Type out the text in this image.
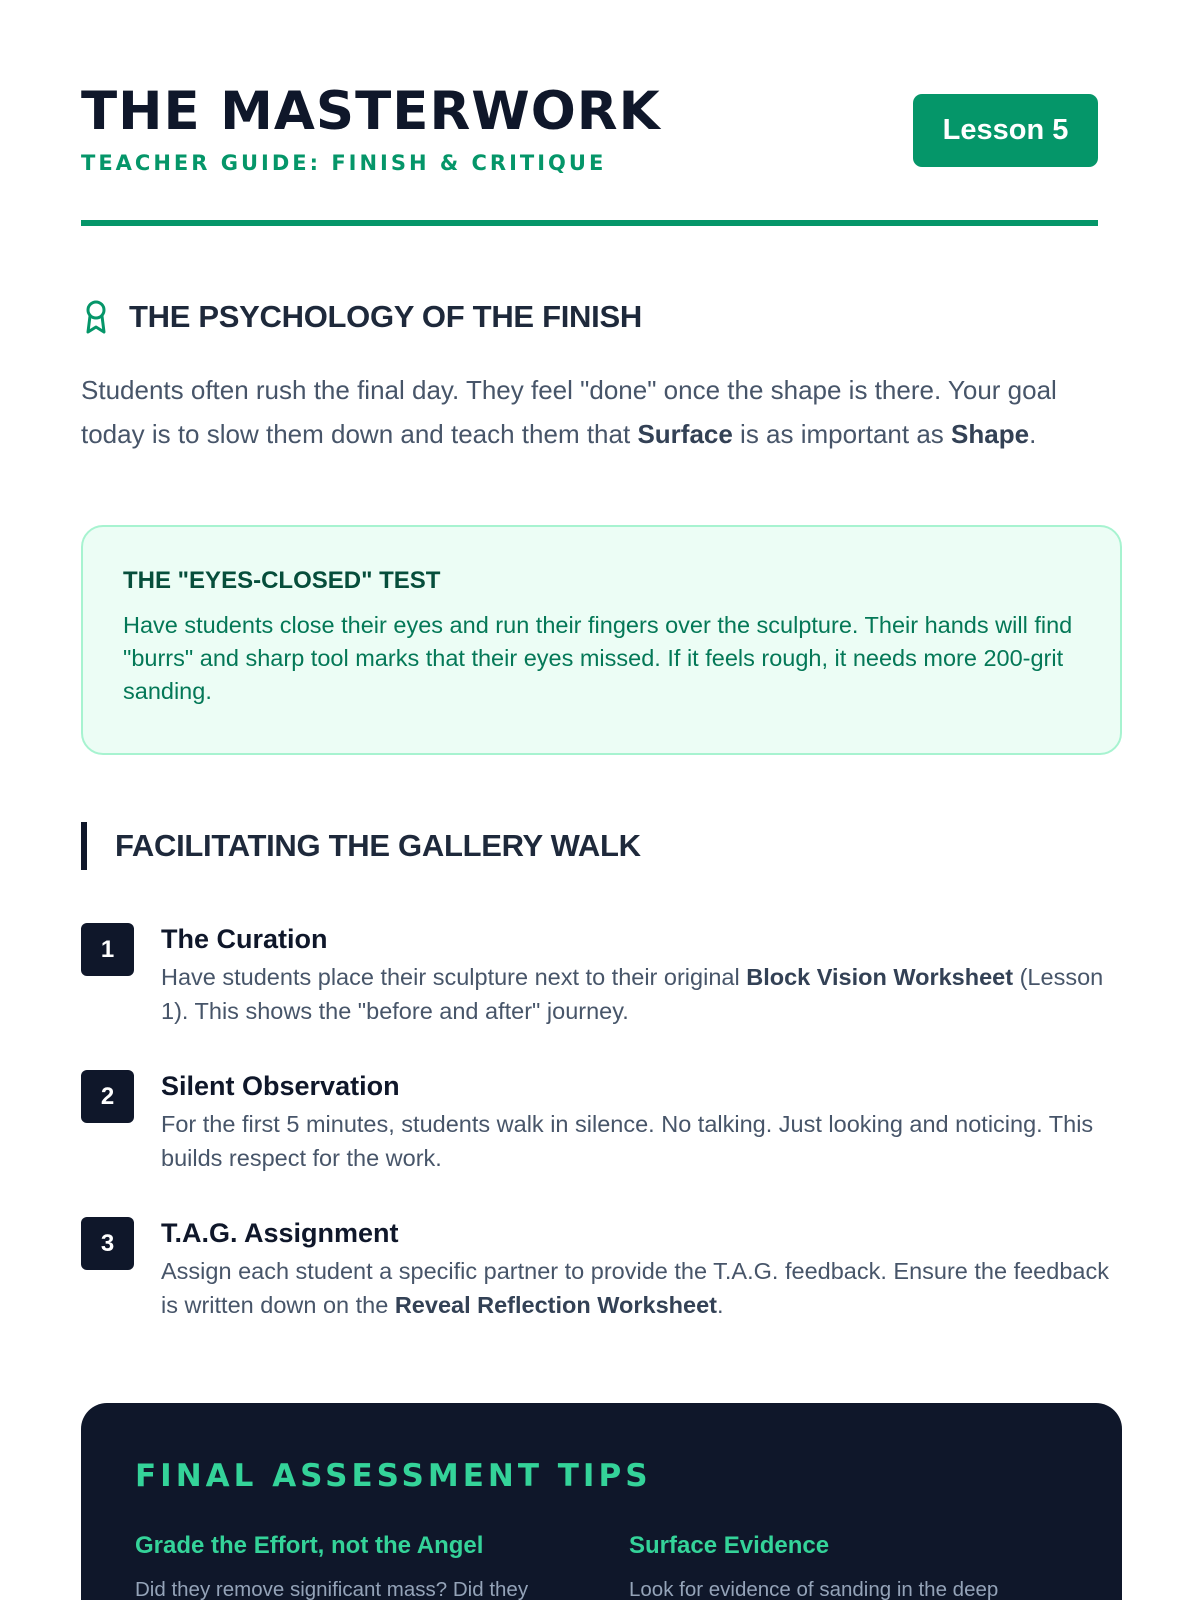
THE MASTERWORK
TEACHER GUIDE: FINISH & CRITIQUE
Lesson 5
THE PSYCHOLOGY OF THE FINISH

Students often rush the final day. They feel "done" once the shape is there. Your goal today is to slow them down and teach them that Surface is as important as Shape.

THE "EYES-CLOSED" TEST

Have students close their eyes and run their fingers over the sculpture. Their hands will find "burrs" and sharp tool marks that their eyes missed. If it feels rough, it needs more 200-grit sanding.

FACILITATING THE GALLERY WALK
1	The Curation

Have students place their sculpture next to their original Block Vision Worksheet (Lesson 1). This shows the "before and after" journey.

2	Silent Observation

For the first 5 minutes, students walk in silence. No talking. Just looking and noticing. This builds respect for the work.

3	T.A.G. Assignment

Assign each student a specific partner to provide the T.A.G. feedback. Ensure the feedback is written down on the Reveal Reflection Worksheet.

FINAL ASSESSMENT TIPS
Grade the Effort, not the Angel

Did they remove significant mass? Did they

Surface Evidence

Look for evidence of sanding in the deep
